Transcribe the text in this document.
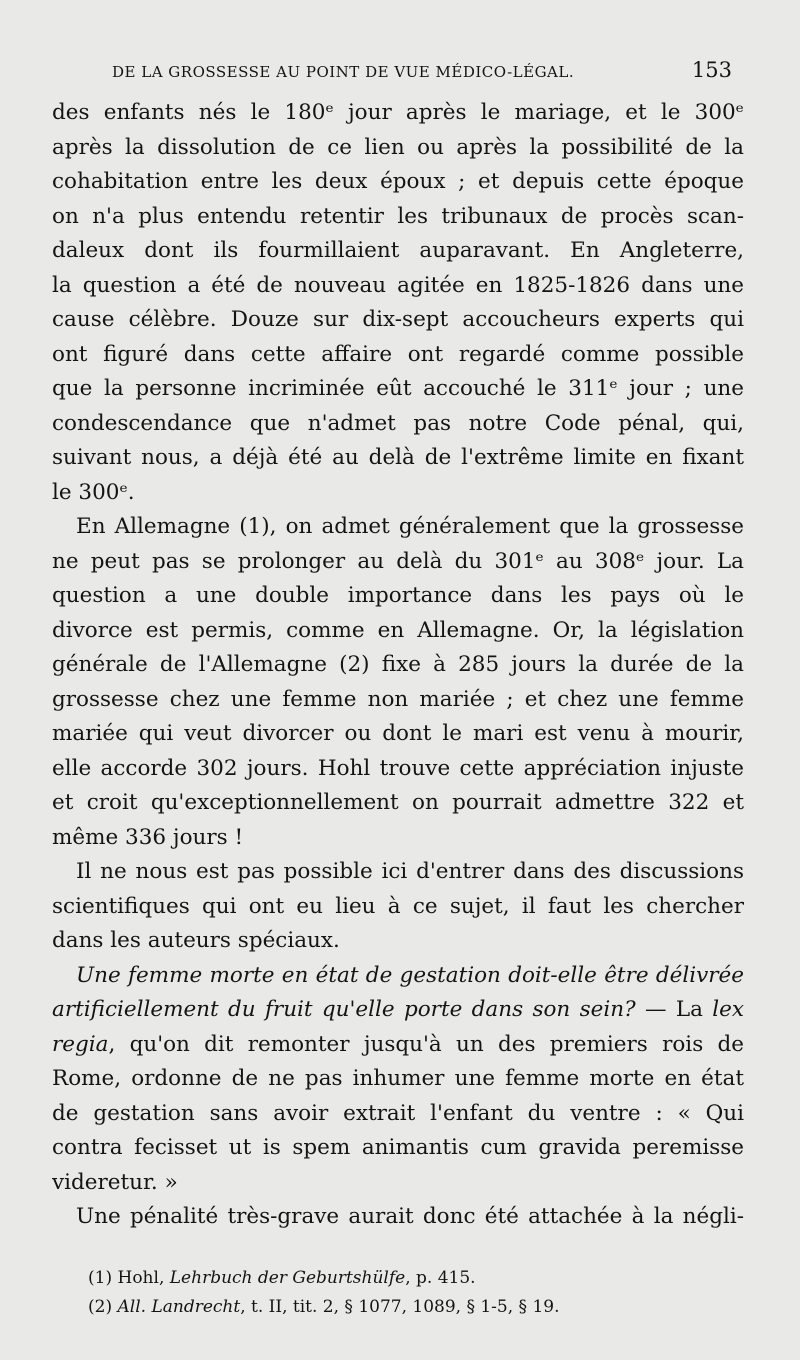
DE LA GROSSESSE AU POINT DE VUE MÉDICO-LÉGAL.	153
des enfants nés le 180ᵉ jour après le mariage, et le 300ᵉ
après la dissolution de ce lien ou après la possibilité de la
cohabitation entre les deux époux ; et depuis cette époque
on n'a plus entendu retentir les tribunaux de procès scan-
daleux dont ils fourmillaient auparavant. En Angleterre,
la question a été de nouveau agitée en 1825-1826 dans une
cause célèbre. Douze sur dix-sept accoucheurs experts qui
ont figuré dans cette affaire ont regardé comme possible
que la personne incriminée eût accouché le 311ᵉ jour ; une
condescendance que n'admet pas notre Code pénal, qui,
suivant nous, a déjà été au delà de l'extrême limite en fixant
le 300ᵉ.
En Allemagne (1), on admet généralement que la grossesse
ne peut pas se prolonger au delà du 301ᵉ au 308ᵉ jour. La
question a une double importance dans les pays où le
divorce est permis, comme en Allemagne. Or, la législation
générale de l'Allemagne (2) fixe à 285 jours la durée de la
grossesse chez une femme non mariée ; et chez une femme
mariée qui veut divorcer ou dont le mari est venu à mourir,
elle accorde 302 jours. Hohl trouve cette appréciation injuste
et croit qu'exceptionnellement on pourrait admettre 322 et
même 336 jours !
Il ne nous est pas possible ici d'entrer dans des discussions
scientifiques qui ont eu lieu à ce sujet, il faut les chercher
dans les auteurs spéciaux.
Une femme morte en état de gestation doit-elle être délivrée
artificiellement du fruit qu'elle porte dans son sein? — La lex
regia, qu'on dit remonter jusqu'à un des premiers rois de
Rome, ordonne de ne pas inhumer une femme morte en état
de gestation sans avoir extrait l'enfant du ventre : « Qui
contra fecisset ut is spem animantis cum gravida peremisse
videretur. »
Une pénalité très-grave aurait donc été attachée à la négli-
(1) Hohl, Lehrbuch der Geburtshülfe, p. 415.
(2) All. Landrecht, t. II, tit. 2, § 1077, 1089, § 1-5, § 19.
